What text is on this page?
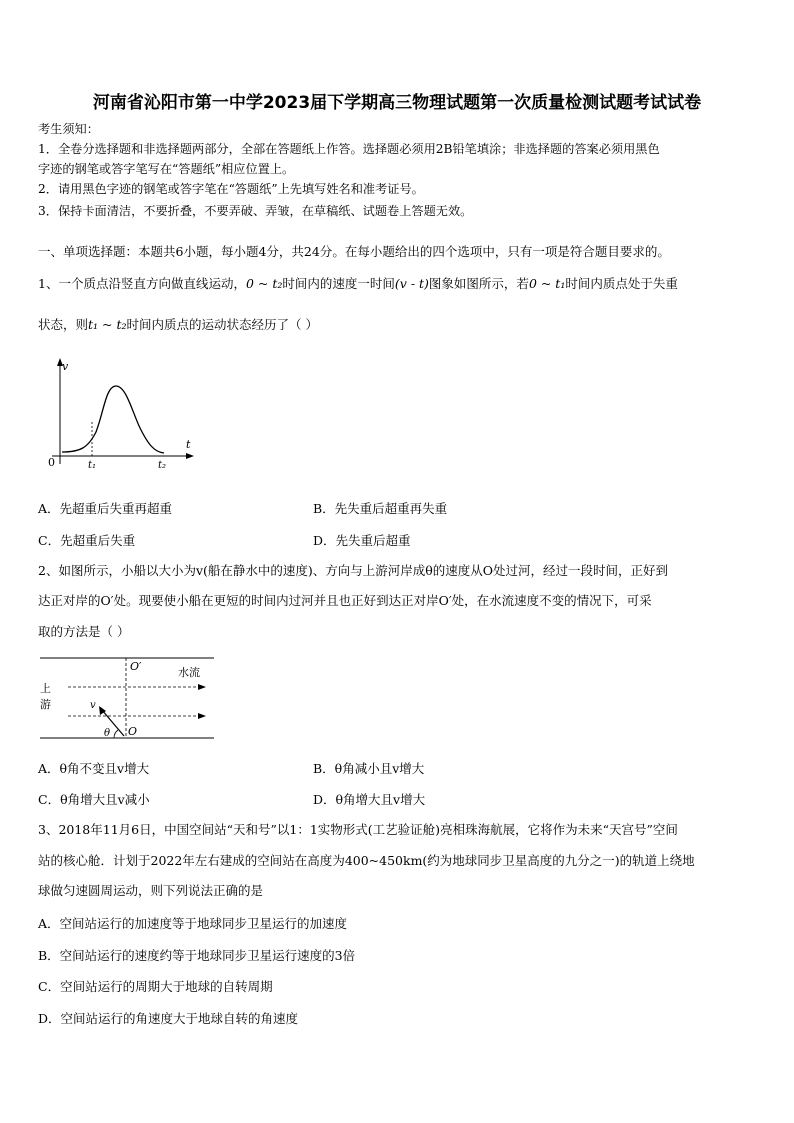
河南省沁阳市第一中学2023届下学期高三物理试题第一次质量检测试题考试试卷
考生须知：
1．全卷分选择题和非选择题两部分，全部在答题纸上作答。选择题必须用2B铅笔填涂；非选择题的答案必须用黑色
字迹的钢笔或答字笔写在“答题纸”相应位置上。
2．请用黑色字迹的钢笔或答字笔在“答题纸”上先填写姓名和准考证号。
3．保持卡面清洁，不要折叠，不要弄破、弄皱，在草稿纸、试题卷上答题无效。
一、单项选择题：本题共6小题，每小题4分，共24分。在每小题给出的四个选项中，只有一项是符合题目要求的。
1、一个质点沿竖直方向做直线运动，0 ~ t₂时间内的速度一时间(v - t)图象如图所示，若0 ~ t₁时间内质点处于失重
状态，则t₁ ~ t₂时间内质点的运动状态经历了（ ）
v
t
0	t₁	t₂
A．先超重后失重再超重	B．先失重后超重再失重
C．先超重后失重	D．先失重后超重
2、如图所示，小船以大小为v(船在静水中的速度)、方向与上游河岸成θ的速度从O处过河，经过一段时间，正好到
达正对岸的O′处。现要使小船在更短的时间内过河并且也正好到达正对岸O′处，在水流速度不变的情况下，可采
取的方法是（ ）
O′	水流
上
游	v
θ O
A．θ角不变且v增大	B．θ角减小且v增大
C．θ角增大且v减小	D．θ角增大且v增大
3、2018年11月6日，中国空间站“天和号”以1：1实物形式(工艺验证舱)亮相珠海航展，它将作为未来“天宫号”空间
站的核心舱．计划于2022年左右建成的空间站在高度为400~450km(约为地球同步卫星高度的九分之一)的轨道上绕地
球做匀速圆周运动，则下列说法正确的是
A．空间站运行的加速度等于地球同步卫星运行的加速度
B．空间站运行的速度约等于地球同步卫星运行速度的3倍
C．空间站运行的周期大于地球的自转周期
D．空间站运行的角速度大于地球自转的角速度
